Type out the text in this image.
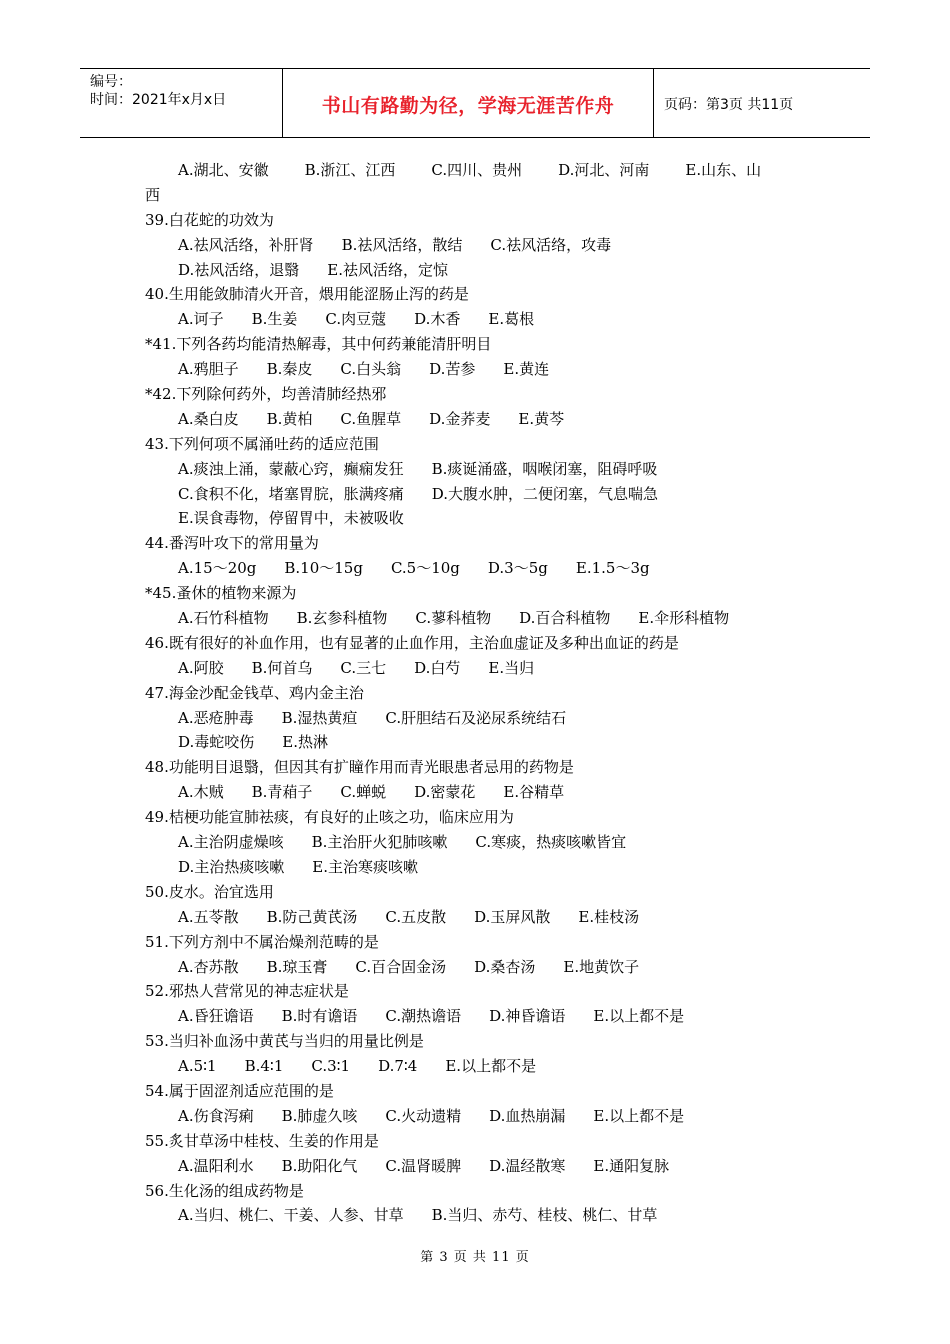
编号：
时间：2021年x月x日	书山有路勤为径，学海无涯苦作舟	页码：第3页 共11页
A.湖北、安徽 B.浙江、江西 C.四川、贵州 D.河北、河南 E.山东、山
西
39.白花蛇的功效为
A.祛风活络，补肝肾 B.祛风活络，散结 C.祛风活络，攻毒
D.祛风活络，退翳 E.祛风活络，定惊
40.生用能敛肺清火开音，煨用能涩肠止泻的药是
A.诃子 B.生姜 C.肉豆蔻 D.木香 E.葛根
*41.下列各药均能清热解毒，其中何药兼能清肝明目
A.鸦胆子 B.秦皮 C.白头翁 D.苦参 E.黄连
*42.下列除何药外，均善清肺经热邪
A.桑白皮 B.黄柏 C.鱼腥草 D.金荞麦 E.黄芩
43.下列何项不属涌吐药的适应范围
A.痰浊上涌，蒙蔽心窍，癫痫发狂 B.痰诞涌盛，咽喉闭塞，阻碍呼吸
C.食积不化，堵塞胃脘，胀满疼痛 D.大腹水肿，二便闭塞，气息喘急
E.误食毒物，停留胃中，未被吸收
44.番泻叶攻下的常用量为
A.15～20g B.10～15g C.5～10g D.3～5g E.1.5～3g
*45.蚤休的植物来源为
A.石竹科植物 B.玄参科植物 C.蓼科植物 D.百合科植物 E.伞形科植物
46.既有很好的补血作用，也有显著的止血作用，主治血虚证及多种出血证的药是
A.阿胶 B.何首乌 C.三七 D.白芍 E.当归
47.海金沙配金钱草、鸡内金主治
A.恶疮肿毒 B.湿热黄疸 C.肝胆结石及泌尿系统结石
D.毒蛇咬伤 E.热淋
48.功能明目退翳，但因其有扩瞳作用而青光眼患者忌用的药物是
A.木贼 B.青葙子 C.蝉蜕 D.密蒙花 E.谷精草
49.桔梗功能宣肺祛痰，有良好的止咳之功，临床应用为
A.主治阴虚燥咳 B.主治肝火犯肺咳嗽 C.寒痰，热痰咳嗽皆宜
D.主治热痰咳嗽 E.主治寒痰咳嗽
50.皮水。治宜选用
A.五苓散 B.防己黄芪汤 C.五皮散 D.玉屏风散 E.桂枝汤
51.下列方剂中不属治燥剂范畴的是
A.杏苏散 B.琼玉膏 C.百合固金汤 D.桑杏汤 E.地黄饮子
52.邪热人营常见的神志症状是
A.昏狂谵语 B.时有谵语 C.潮热谵语 D.神昏谵语 E.以上都不是
53.当归补血汤中黄芪与当归的用量比例是
A.5∶1 B.4∶1 C.3∶1 D.7∶4 E.以上都不是
54.属于固涩剂适应范围的是
A.伤食泻痢 B.肺虚久咳 C.火动遗精 D.血热崩漏 E.以上都不是
55.炙甘草汤中桂枝、生姜的作用是
A.温阳利水 B.助阳化气 C.温肾暖脾 D.温经散寒 E.通阳复脉
56.生化汤的组成药物是
A.当归、桃仁、干姜、人参、甘草 B.当归、赤芍、桂枝、桃仁、甘草
第 3 页 共 11 页
